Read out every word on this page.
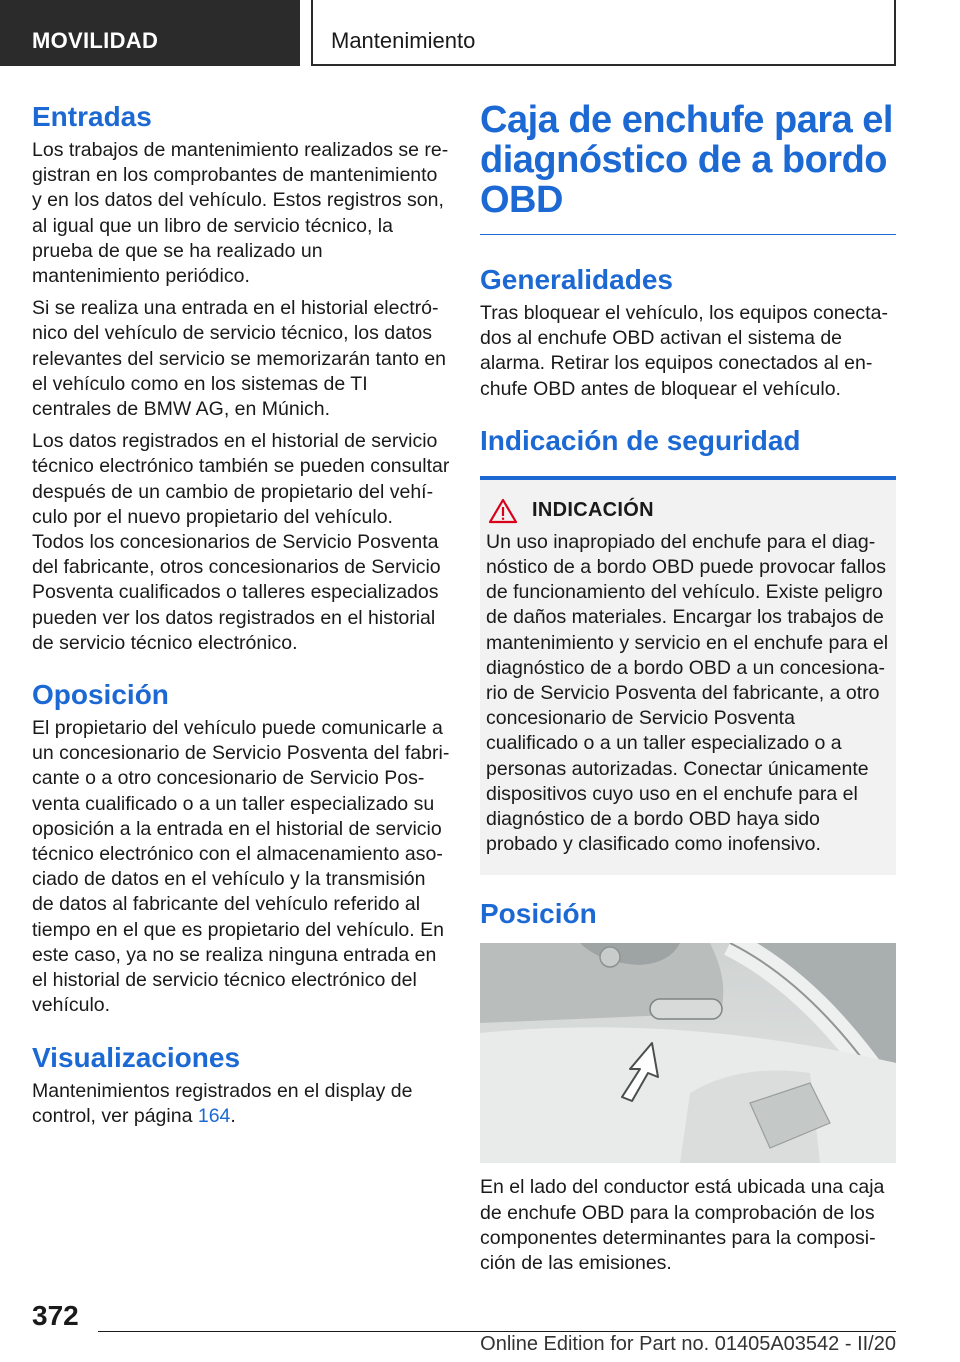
MOVILIDAD	Mantenimiento
Entradas

Los trabajos de mantenimiento realizados se registran en los comprobantes de mantenimiento y en los datos del vehículo. Estos registros son, al igual que un libro de servicio técnico, la prueba de que se ha realizado un mantenimiento periódico.

Si se realiza una entrada en el historial electrónico del vehículo de servicio técnico, los datos relevantes del servicio se memorizarán tanto en el vehículo como en los sistemas de TI centrales de BMW AG, en Múnich.

Los datos registrados en el historial de servicio técnico electrónico también se pueden consultar después de un cambio de propietario del vehículo por el nuevo propietario del vehículo. Todos los concesionarios de Servicio Posventa del fabricante, otros concesionarios de Servicio Posventa cualificados o talleres especializados pueden ver los datos registrados en el historial de servicio técnico electrónico.

Oposición

El propietario del vehículo puede comunicarle a un concesionario de Servicio Posventa del fabricante o a otro concesionario de Servicio Posventa cualificado o a un taller especializado su oposición a la entrada en el historial de servicio técnico electrónico con el almacenamiento asociado de datos en el vehículo y la transmisión de datos al fabricante del vehículo referido al tiempo en el que es propietario del vehículo. En este caso, ya no se realiza ninguna entrada en el historial de servicio técnico electrónico del vehículo.

Visualizaciones

Mantenimientos registrados en el display de control, ver página 164.

Caja de enchufe para el diagnóstico de a bordo OBD
Generalidades

Tras bloquear el vehículo, los equipos conectados al enchufe OBD activan el sistema de alarma. Retirar los equipos conectados al enchufe OBD antes de bloquear el vehículo.

Indicación de seguridad
INDICACIÓN

Un uso inapropiado del enchufe para el diagnóstico de a bordo OBD puede provocar fallos de funcionamiento del vehículo. Existe peligro de daños materiales. Encargar los trabajos de mantenimiento y servicio en el enchufe para el diagnóstico de a bordo OBD a un concesionario de Servicio Posventa del fabricante, a otro concesionario de Servicio Posventa cualificado o a un taller especializado o a personas autorizadas. Conectar únicamente dispositivos cuyo uso en el enchufe para el diagnóstico de a bordo OBD haya sido probado y clasificado como inofensivo.

Posición

En el lado del conductor está ubicada una caja de enchufe OBD para la comprobación de los componentes determinantes para la composición de las emisiones.

372
Online Edition for Part no. 01405A03542 - II/20
